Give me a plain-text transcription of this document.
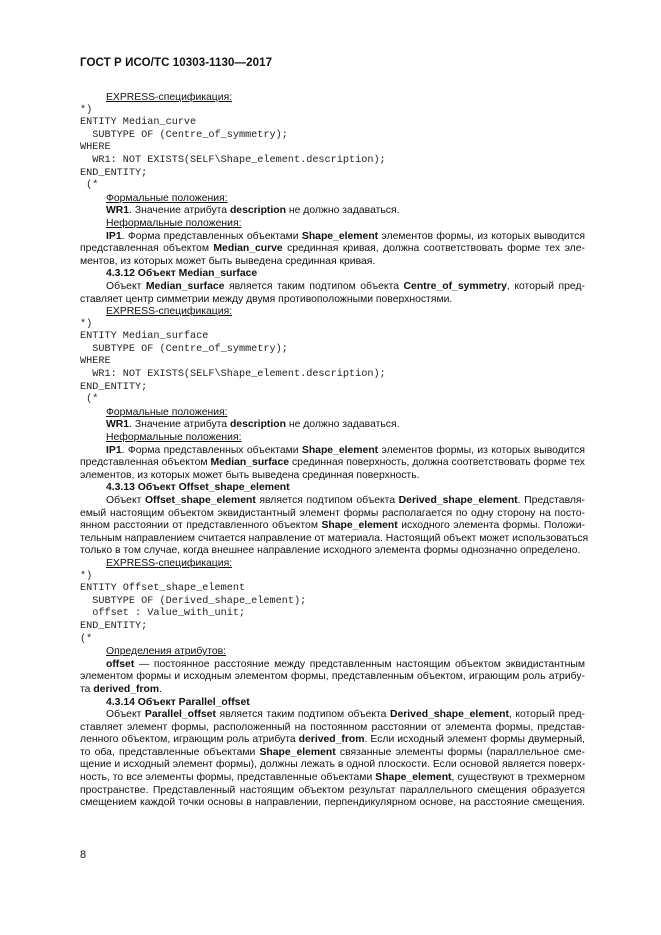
ГОСТ Р ИСО/ТС 10303-1130—2017
EXPRESS-спецификация:
*)
ENTITY Median_curve
SUBTYPE OF (Centre_of_symmetry);
WHERE
WR1: NOT EXISTS(SELF\Shape_element.description);
END_ENTITY;
(*
Формальные положения:
WR1. Значение атрибута description не должно задаваться.
Неформальные положения:
IP1. Форма представленных объектами Shape_element элементов формы, из которых выводится
представленная объектом Median_curve срединная кривая, должна соответствовать форме тех эле-
ментов, из которых может быть выведена срединная кривая.
4.3.12 Объект Median_surface
Объект Median_surface является таким подтипом объекта Centre_of_symmetry, который пред-
ставляет центр симметрии между двумя противоположными поверхностями.
EXPRESS-спецификация:
*)
ENTITY Median_surface
SUBTYPE OF (Centre_of_symmetry);
WHERE
WR1: NOT EXISTS(SELF\Shape_element.description);
END_ENTITY;
(*
Формальные положения:
WR1. Значение атрибута description не должно задаваться.
Неформальные положения:
IP1. Форма представленных объектами Shape_element элементов формы, из которых выводится
представленная объектом Median_surface срединная поверхность, должна соответствовать форме тех
элементов, из которых может быть выведена срединная поверхность.
4.3.13 Объект Offset_shape_element
Объект Offset_shape_element является подтипом объекта Derived_shape_element. Представля-
емый настоящим объектом эквидистантный элемент формы располагается по одну сторону на посто-
янном расстоянии от представленного объектом Shape_element исходного элемента формы. Положи-
тельным направлением считается направление от материала. Настоящий объект может использоваться
только в том случае, когда внешнее направление исходного элемента формы однозначно определено.
EXPRESS-спецификация:
*)
ENTITY Offset_shape_element
SUBTYPE OF (Derived_shape_element);
offset : Value_with_unit;
END_ENTITY;
(*
Определения атрибутов:
offset — постоянное расстояние между представленным настоящим объектом эквидистантным
элементом формы и исходным элементом формы, представленным объектом, играющим роль атрибу-
та derived_from.
4.3.14 Объект Parallel_offset
Объект Parallel_offset является таким подтипом объекта Derived_shape_element, который пред-
ставляет элемент формы, расположенный на постоянном расстоянии от элемента формы, представ-
ленного объектом, играющим роль атрибута derived_from. Если исходный элемент формы двумерный,
то оба, представленные объектами Shape_element связанные элементы формы (параллельное сме-
щение и исходный элемент формы), должны лежать в одной плоскости. Если основой является поверх-
ность, то все элементы формы, представленные объектами Shape_element, существуют в трехмерном
пространстве. Представленный настоящим объектом результат параллельного смещения образуется
смещением каждой точки основы в направлении, перпендикулярном основе, на расстояние смещения.
8
